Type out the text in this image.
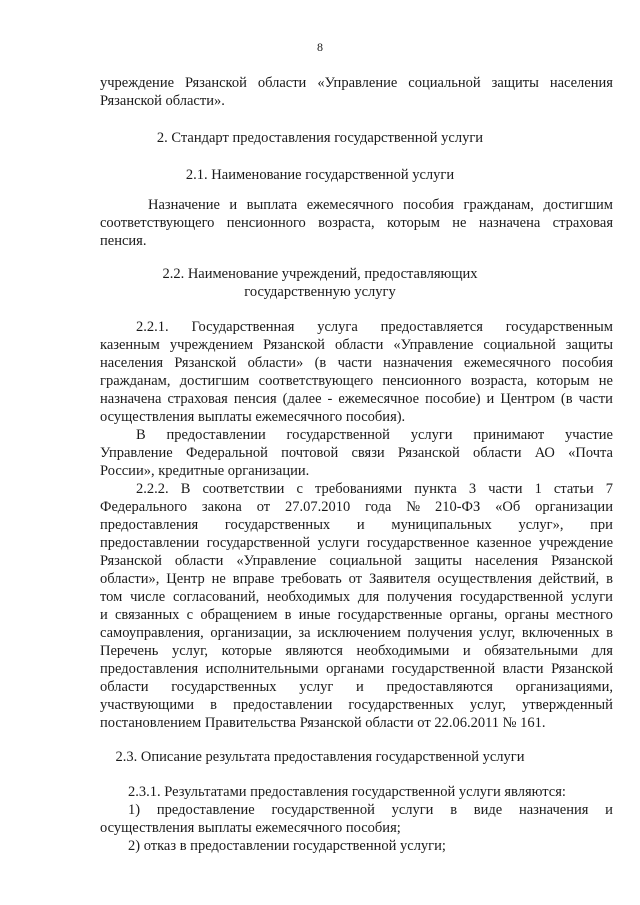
8
учреждение Рязанской области «Управление социальной защиты населения
Рязанской области».
2. Стандарт предоставления государственной услуги
2.1. Наименование государственной услуги
Назначение и выплата ежемесячного пособия гражданам, достигшим
соответствующего пенсионного возраста, которым не назначена страховая
пенсия.
2.2. Наименование учреждений, предоставляющих
государственную услугу
2.2.1. Государственная услуга предоставляется государственным
казенным учреждением Рязанской области «Управление социальной защиты
населения Рязанской области» (в части назначения ежемесячного пособия
гражданам, достигшим соответствующего пенсионного возраста, которым не
назначена страховая пенсия (далее - ежемесячное пособие) и Центром (в части
осуществления выплаты ежемесячного пособия).
В предоставлении государственной услуги принимают участие
Управление Федеральной почтовой связи Рязанской области АО «Почта
России», кредитные организации.
2.2.2. В соответствии с требованиями пункта 3 части 1 статьи 7
Федерального закона от 27.07.2010 года № 210-ФЗ «Об организации
предоставления государственных и муниципальных услуг», при
предоставлении государственной услуги государственное казенное учреждение
Рязанской области «Управление социальной защиты населения Рязанской
области», Центр не вправе требовать от Заявителя осуществления действий, в
том числе согласований, необходимых для получения государственной услуги
и связанных с обращением в иные государственные органы, органы местного
самоуправления, организации, за исключением получения услуг, включенных в
Перечень услуг, которые являются необходимыми и обязательными для
предоставления исполнительными органами государственной власти Рязанской
области государственных услуг и предоставляются организациями,
участвующими в предоставлении государственных услуг, утвержденный
постановлением Правительства Рязанской области от 22.06.2011 № 161.
2.3. Описание результата предоставления государственной услуги
2.3.1. Результатами предоставления государственной услуги являются:
1) предоставление государственной услуги в виде назначения и
осуществления выплаты ежемесячного пособия;
2) отказ в предоставлении государственной услуги;
